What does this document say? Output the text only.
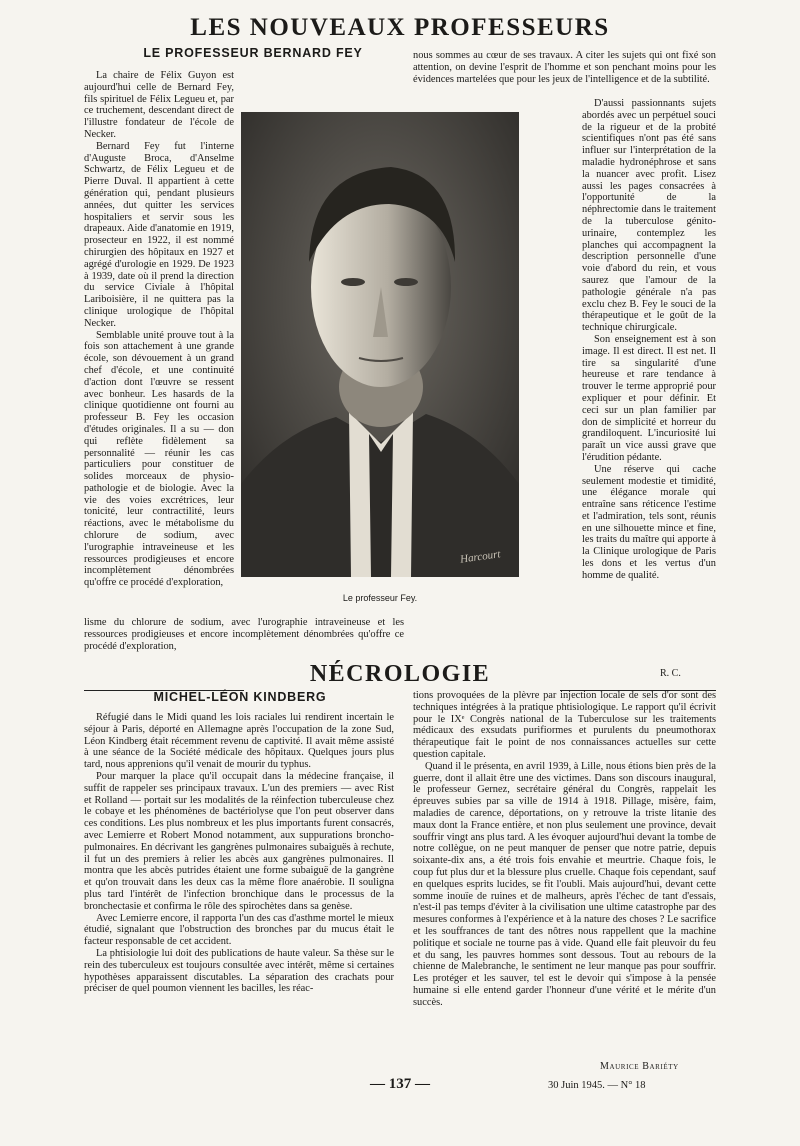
LES NOUVEAUX PROFESSEURS
LE PROFESSEUR BERNARD FEY

La chaire de Félix Guyon est aujourd'hui celle de Bernard Fey, fils spirituel de Félix Legueu et, par ce truchement, descendant direct de l'illustre fondateur de l'école de Necker.

Bernard Fey fut l'interne d'Auguste Broca, d'Anselme Schwartz, de Félix Legueu et de Pierre Duval. Il appartient à cette génération qui, pendant plusieurs années, dut quitter les services hospitaliers et servir sous les drapeaux. Aide d'anatomie en 1919, prosecteur en 1922, il est nommé chirurgien des hôpitaux en 1927 et agrégé d'urologie en 1929. De 1923 à 1939, date où il prend la direction du service Civiale à l'hôpital Lariboisière, il ne quittera pas la clinique urologique de l'hôpital Necker.

Semblable unité prouve tout à la fois son attachement à une grande école, son dévouement à un grand chef d'école, et une continuité d'action dont l'œuvre se ressent avec bonheur. Les hasards de la clinique quotidienne ont fourni au professeur B. Fey les occasion d'études originales. Il a su — don qui reflète fidèlement sa personnalité — réunir les cas particuliers pour constituer de solides morceaux de physio-pathologie et de biologie. Avec la vie des voies excrétrices, leur tonicité, leur contractilité, leurs réactions, avec le métabolisme du chlorure de sodium, avec l'urographie intraveineuse et les ressources prodigieuses et encore incomplètement dénombrées qu'offre ce procédé d'exploration,

nous sommes au cœur de ses travaux. A citer les sujets qui ont fixé son attention, on devine l'esprit de l'homme et son penchant moins pour les évidences martelées que pour les jeux de l'intelligence et de la subtilité.

Harcourt
Le professeur Fey.

D'aussi passionnants sujets abordés avec un perpétuel souci de la rigueur et de la probité scientifiques n'ont pas été sans influer sur l'interprétation de la maladie hydronéphrose et sans la nuancer avec profit. Lisez aussi les pages consacrées à l'opportunité de la néphrectomie dans le traitement de la tuberculose génito-urinaire, contemplez les planches qui accompagnent la description personnelle d'une voie d'abord du rein, et vous saurez que l'amour de la pathologie générale n'a pas exclu chez B. Fey le souci de la thérapeutique et le goût de la technique chirurgicale.

Son enseignement est à son image. Il est direct. Il est net. Il tire sa singularité d'une heureuse et rare tendance à trouver le terme approprié pour expliquer et pour définir. Et ceci sur un plan familier par don de simplicité et horreur du grandiloquent. L'incuriosité lui paraît un vice aussi grave que l'érudition pédante.

Une réserve qui cache seulement modestie et timidité, une élégance morale qui entraîne sans réticence l'estime et l'admiration, tels sont, réunis en une silhouette mince et fine, les traits du maître qui apporte à la Clinique urologique de Paris les dons et les vertus d'un homme de qualité.

lisme du chlorure de sodium, avec l'urographie intraveineuse et les ressources prodigieuses et encore incomplètement dénombrées qu'offre ce procédé d'exploration,

R. C.
NÉCROLOGIE
MICHEL-LÉON KINDBERG

Réfugié dans le Midi quand les lois raciales lui rendirent incertain le séjour à Paris, déporté en Allemagne après l'occupation de la zone Sud, Léon Kindberg était récemment revenu de captivité. Il avait même assisté à une séance de la Société médicale des hôpitaux. Quelques jours plus tard, nous apprenions qu'il venait de mourir du typhus.

Pour marquer la place qu'il occupait dans la médecine française, il suffit de rappeler ses principaux travaux. L'un des premiers — avec Rist et Rolland — portait sur les modalités de la réinfection tuberculeuse chez le cobaye et les phénomènes de bactériolyse que l'on peut observer dans ces conditions. Les plus nombreux et les plus importants furent consacrés, avec Lemierre et Robert Monod notamment, aux suppurations broncho-pulmonaires. En décrivant les gangrènes pulmonaires subaiguës à rechute, il fut un des premiers à relier les abcès aux gangrènes pulmonaires. Il montra que les abcès putrides étaient une forme subaiguë de la gangrène et qu'on trouvait dans les deux cas la même flore anaérobie. Il souligna plus tard l'intérêt de l'infection bronchique dans le processus de la bronchectasie et confirma le rôle des spirochètes dans sa genèse.

Avec Lemierre encore, il rapporta l'un des cas d'asthme mortel le mieux étudié, signalant que l'obstruction des bronches par du mucus était le facteur responsable de cet accident.

La phtisiologie lui doit des publications de haute valeur. Sa thèse sur le rein des tuberculeux est toujours consultée avec intérêt, même si certaines hypothèses apparaissent discutables. La séparation des crachats pour préciser de quel poumon viennent les bacilles, les réac-

tions provoquées de la plèvre par injection locale de sels d'or sont des techniques intégrées à la pratique phtisiologique. Le rapport qu'il écrivit pour le IXᵉ Congrès national de la Tuberculose sur les traitements médicaux des exsudats purifiormes et purulents du pneumothorax thérapeutique fait le point de nos connaissances actuelles sur cette question capitale.

Quand il le présenta, en avril 1939, à Lille, nous étions bien près de la guerre, dont il allait être une des victimes. Dans son discours inaugural, le professeur Gernez, secrétaire général du Congrès, rappelait les épreuves subies par sa ville de 1914 à 1918. Pillage, misère, faim, maladies de carence, déportations, on y retrouve la triste litanie des maux dont la France entière, et non plus seulement une province, devait souffrir vingt ans plus tard. A les évoquer aujourd'hui devant la tombe de notre collègue, on ne peut manquer de penser que notre patrie, depuis soixante-dix ans, a été trois fois envahie et meurtrie. Chaque fois, le coup fut plus dur et la blessure plus cruelle. Chaque fois cependant, sauf en quelques esprits lucides, se fit l'oubli. Mais aujourd'hui, devant cette somme inouïe de ruines et de malheurs, après l'échec de tant d'essais, n'est-il pas temps d'éviter à la civilisation une ultime catastrophe par des mesures conformes à l'expérience et à la nature des choses ? Le sacrifice et les souffrances de tant des nôtres nous rappellent que la machine politique et sociale ne tourne pas à vide. Quand elle fait pleuvoir du feu et du sang, les pauvres hommes sont dessous. Tout au rebours de la chienne de Malebranche, le sentiment ne leur manque pas pour souffrir. Les protéger et les sauver, tel est le devoir qui s'impose à la pensée humaine si elle entend garder l'honneur d'une vérité et le mérite d'un succès.

Maurice Bariéty
— 137 —	30 Juin 1945. — N° 18
